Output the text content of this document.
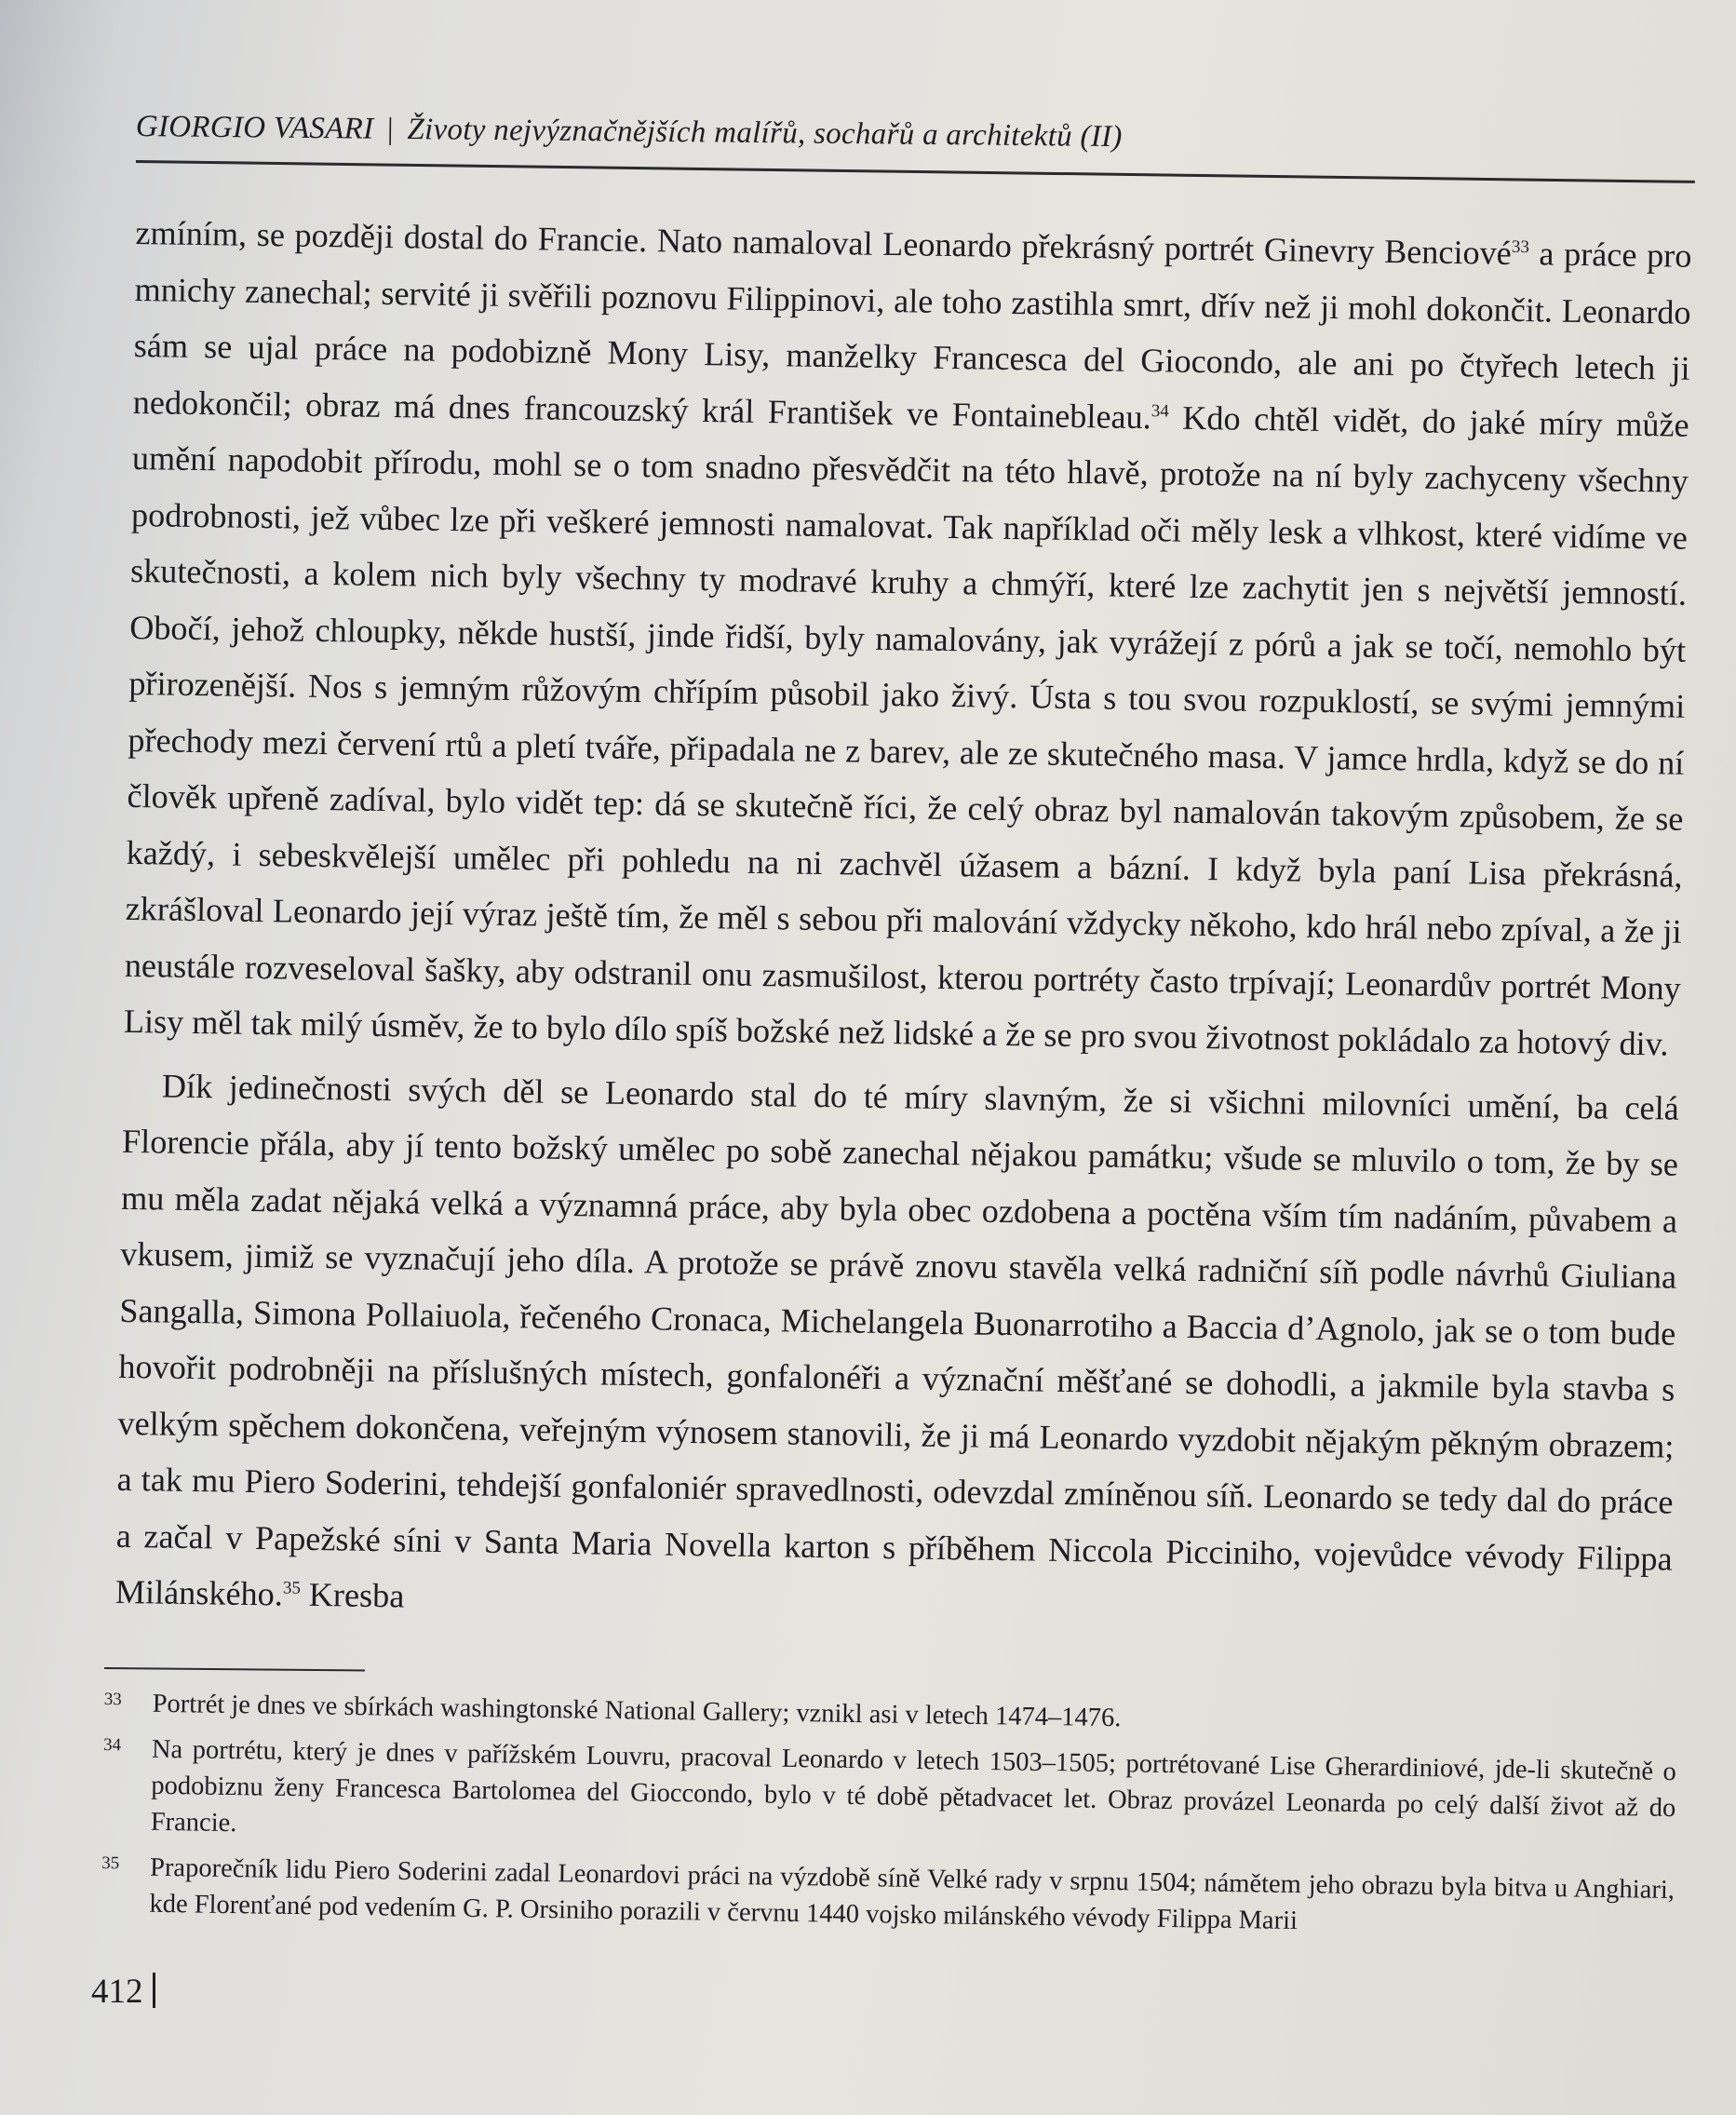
GIORGIO VASARI | Životy nejvýznačnějších malířů, sochařů a architektů (II)

zmíním, se později dostal do Francie. Nato namaloval Leonardo překrásný portrét Ginevry Benciové$^{33}$ a práce pro mnichy zanechal; servité ji svěřili poznovu Filippinovi, ale toho zastihla smrt, dřív než ji mohl dokončit. Leonardo sám se ujal práce na podobizně Mony Lisy, manželky Francesca del Giocondo, ale ani po čtyřech letech ji nedokončil; obraz má dnes francouzský král František ve Fontainebleau.$^{34}$ Kdo chtěl vidět, do jaké míry může umění napodobit přírodu, mohl se o tom snadno přesvědčit na této hlavě, protože na ní byly zachyceny všechny podrobnosti, jež vůbec lze při veškeré jemnosti namalovat. Tak například oči měly lesk a vlhkost, které vidíme ve skutečnosti, a kolem nich byly všechny ty modravé kruhy a chmýří, které lze zachytit jen s největší jemností. Obočí, jehož chloupky, někde hustší, jinde řidší, byly namalovány, jak vyrážejí z pórů a jak se točí, nemohlo být přirozenější. Nos s jemným růžovým chřípím působil jako živý. Ústa s tou svou rozpuklostí, se svými jemnými přechody mezi červení rtů a pletí tváře, připadala ne z barev, ale ze skutečného masa. V jamce hrdla, když se do ní člověk upřeně zadíval, bylo vidět tep: dá se skutečně říci, že celý obraz byl namalován takovým způsobem, že se každý, i sebeskvělejší umělec při pohledu na ni zachvěl úžasem a bázní. I když byla paní Lisa překrásná, zkrášloval Leonardo její výraz ještě tím, že měl s sebou při malování vždycky někoho, kdo hrál nebo zpíval, a že ji neustále rozveseloval šašky, aby odstranil onu zasmušilost, kterou portréty často trpívají; Leonardův portrét Mony Lisy měl tak milý úsměv, že to bylo dílo spíš božské než lidské a že se pro svou životnost pokládalo za hotový div.

Dík jedinečnosti svých děl se Leonardo stal do té míry slavným, že si všichni milovníci umění, ba celá Florencie přála, aby jí tento božský umělec po sobě zanechal nějakou památku; všude se mluvilo o tom, že by se mu měla zadat nějaká velká a významná práce, aby byla obec ozdobena a poctěna vším tím nadáním, půvabem a vkusem, jimiž se vyznačují jeho díla. A protože se právě znovu stavěla velká radniční síň podle návrhů Giuliana Sangalla, Simona Pollaiuola, řečeného Cronaca, Michelangela Buonarrotiho a Baccia d’Agnolo, jak se o tom bude hovořit podrobněji na příslušných místech, gonfalonéři a význační měšťané se dohodli, a jakmile byla stavba s velkým spěchem dokončena, veřejným výnosem stanovili, že ji má Leonardo vyzdobit nějakým pěkným obrazem; a tak mu Piero Soderini, tehdejší gonfaloniér spravedlnosti, odevzdal zmíněnou síň. Leonardo se tedy dal do práce a začal v Papežské síni v Santa Maria Novella karton s příběhem Niccola Picciniho, vojevůdce vévody Filippa Milánského.$^{35}$ Kresba

33 Portrét je dnes ve sbírkách washingtonské National Gallery; vznikl asi v letech 1474–1476.
34 Na portrétu, který je dnes v pařížském Louvru, pracoval Leonardo v letech 1503–1505; portrétované Lise Gherardiniové, jde-li skutečně o podobiznu ženy Francesca Bartolomea del Gioccondo, bylo v té době pětadvacet let. Obraz provázel Leonarda po celý další život až do Francie.
35 Praporečník lidu Piero Soderini zadal Leonardovi práci na výzdobě síně Velké rady v srpnu 1504; námětem jeho obrazu byla bitva u Anghiari, kde Florenťané pod vedením G. P. Orsiniho porazili v červnu 1440 vojsko milánského vévody Filippa Marii
412
